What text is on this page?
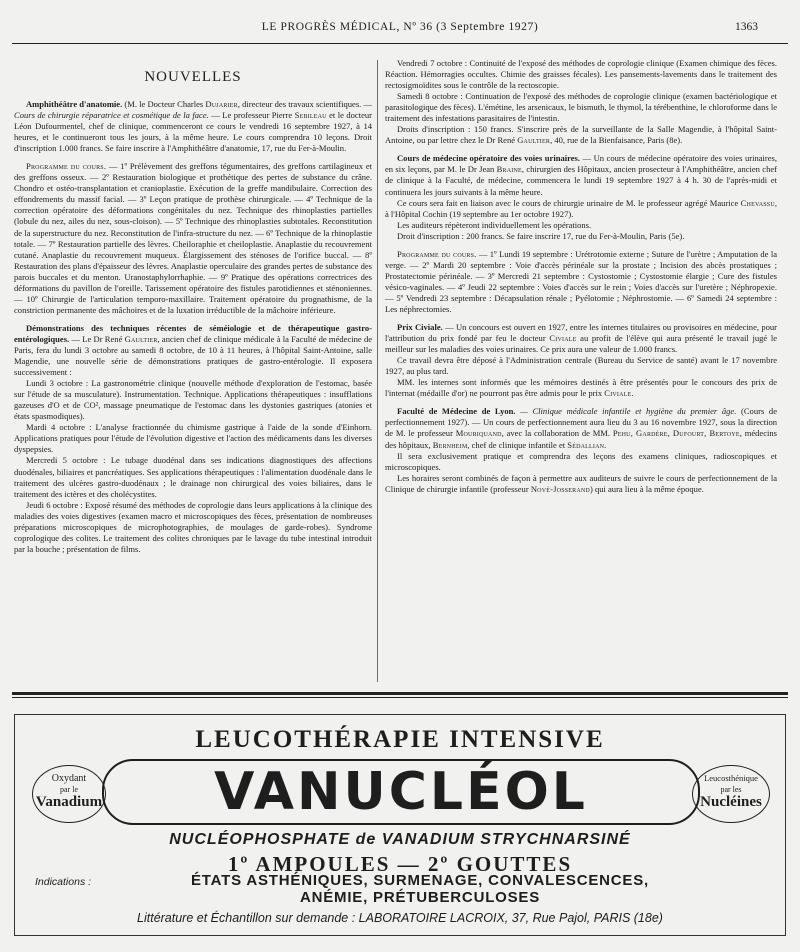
LE PROGRÈS MÉDICAL, Nº 36 (3 Septembre 1927)	1363
NOUVELLES

Amphithéâtre d'anatomie. (M. le Docteur Charles Dujarier, directeur des travaux scientifiques. — Cours de chirurgie réparatrice et cosmétique de la face. — Le professeur Pierre Sebileau et le docteur Léon Dufourmentel, chef de clinique, commenceront ce cours le vendredi 16 septembre 1927, à 14 heures, et le continueront tous les jours, à la même heure. Le cours comprendra 10 leçons. Droit d'inscription 1.000 francs. Se faire inscrire à l'Amphithéâtre d'anatomie, 17, rue du Fer-à-Moulin.

Programme du cours. — 1º Prélèvement des greffons tégumentaires, des greffons cartilagineux et des greffons osseux. — 2º Restauration biologique et prothétique des pertes de substance du crâne. Chondro et ostéo-transplantation et cranioplastie. Exécution de la greffe mandibulaire. Correction des effondrements du massif facial. — 3º Leçon pratique de prothèse chirurgicale. — 4º Technique de la correction opératoire des déformations congénitales du nez. Technique des rhinoplasties partielles (lobule du nez, ailes du nez, sous-cloison). — 5º Technique des rhinoplasties subtotales. Reconstitution de la superstructure du nez. Reconstitution de l'infra-structure du nez. — 6º Technique de la rhinoplastie totale. — 7º Restauration partielle des lèvres. Cheiloraphie et cheiloplastie. Anaplastie du recouvrement cutané. Anaplastie du recouvrement muqueux. Élargissement des sténoses de l'orifice buccal. — 8º Restauration des plans d'épaisseur des lèvres. Anaplastie operculaire des grandes pertes de substance des parois buccales et du menton. Uranostaphylorrhaphie. — 9º Pratique des opérations correctrices des déformations du pavillon de l'oreille. Tarissement opératoire des fistules parotidiennes et sténoniennes. — 10º Chirurgie de l'articulation temporo-maxillaire. Traitement opératoire du prognathisme, de la constriction permanente des mâchoires et de la luxation irréductible de la mâchoire inférieure.

Démonstrations des techniques récentes de séméiologie et de thérapeutique gastro-entérologiques. — Le Dr René Gaultier, ancien chef de clinique médicale à la Faculté de médecine de Paris, fera du lundi 3 octobre au samedi 8 octobre, de 10 à 11 heures, à l'hôpital Saint-Antoine, salle Magendie, une nouvelle série de démonstrations pratiques de gastro-entérologie. Il exposera successivement :

Lundi 3 octobre : La gastronométrie clinique (nouvelle méthode d'exploration de l'estomac, basée sur l'étude de sa musculature). Instrumentation. Technique. Applications thérapeutiques : insufflations gazeuses d'O et de CO², massage pneumatique de l'estomac dans les dystonies gastriques (atonies et états spasmodiques).

Mardi 4 octobre : L'analyse fractionnée du chimisme gastrique à l'aide de la sonde d'Einhorn. Applications pratiques pour l'étude de l'évolution digestive et l'action des médicaments dans les diverses dyspepsies.

Mercredi 5 octobre : Le tubage duodénal dans ses indications diagnostiques des affections duodénales, biliaires et pancréatiques. Ses applications thérapeutiques : l'alimentation duodénale dans le traitement des ulcères gastro-duodénaux ; le drainage non chirurgical des voies biliaires, dans le traitement des ictères et des cholécystites.

Jeudi 6 octobre : Exposé résumé des méthodes de coprologie dans leurs applications à la clinique des maladies des voies digestives (examen macro et microscopiques des fèces, présentation de nombreuses préparations microscopiques de microphotographies, de moulages de garde-robes). Syndrome coprologique des colites. Le traitement des colites chroniques par le lavage du tube intestinal introduit par la bouche ; présentation de films.

Vendredi 7 octobre : Continuité de l'exposé des méthodes de coprologie clinique (Examen chimique des fèces. Réaction. Hémorragies occultes. Chimie des graisses fécales). Les pansements-lavements dans le traitement des rectosigmoïdites sous le contrôle de la rectoscopie.

Samedi 8 octobre : Continuation de l'exposé des méthodes de coprologie clinique (examen bactériologique et parasitologique des fèces). L'émétine, les arsenicaux, le bismuth, le thymol, la térébenthine, le chloroforme dans le traitement des infestations parasitaires de l'intestin.

Droits d'inscription : 150 francs. S'inscrire près de la surveillante de la Salle Magendie, à l'hôpital Saint-Antoine, ou par lettre chez le Dr René Gaultier, 40, rue de la Bienfaisance, Paris (8e).

Cours de médecine opératoire des voies urinaires. — Un cours de médecine opératoire des voies urinaires, en six leçons, par M. le Dr Jean Braine, chirurgien des Hôpitaux, ancien prosecteur à l'Amphithéâtre, ancien chef de clinique à la Faculté, de médecine, commencera le lundi 19 septembre 1927 à 4 h. 30 de l'après-midi et continuera les jours suivants à la même heure.

Ce cours sera fait en liaison avec le cours de chirurgie urinaire de M. le professeur agrégé Maurice Chevassu, à l'Hôpital Cochin (19 septembre au 1er octobre 1927).

Les auditeurs répèteront individuellement les opérations.

Droit d'inscription : 200 francs. Se faire inscrire 17, rue du Fer-à-Moulin, Paris (5e).

Programme du cours. — 1º Lundi 19 septembre : Urétrotomie externe ; Suture de l'urètre ; Amputation de la verge. — 2º Mardi 20 septembre : Voie d'accès périnéale sur la prostate ; Incision des abcès prostatiques ; Prostatectomie périnéale. — 3º Mercredi 21 septembre : Cystostomie ; Cystostomie élargie ; Cure des fistules vésico-vaginales. — 4º Jeudi 22 septembre : Voies d'accès sur le rein ; Voies d'accès sur l'uretère ; Néphropexie. — 5º Vendredi 23 septembre : Décapsulation rénale ; Pyélotomie ; Néphrostomie. — 6º Samedi 24 septembre : Les néphrectomies.

Prix Civiale. — Un concours est ouvert en 1927, entre les internes titulaires ou provisoires en médecine, pour l'attribution du prix fondé par feu le docteur Civiale au profit de l'élève qui aura présenté le travail jugé le meilleur sur les maladies des voies urinaires. Ce prix aura une valeur de 1.000 francs.

Ce travail devra être déposé à l'Administration centrale (Bureau du Service de santé) avant le 17 novembre 1927, au plus tard.

MM. les internes sont informés que les mémoires destinés à être présentés pour le concours des prix de l'internat (médaille d'or) ne pourront pas être admis pour le prix Civiale.

Faculté de Médecine de Lyon. — Clinique médicale infantile et hygiène du premier âge. (Cours de perfectionnement 1927). — Un cours de perfectionnement aura lieu du 3 au 16 novembre 1927, sous la direction de M. le professeur Mouriquand, avec la collaboration de MM. Pehu, Gardère, Dufourt, Bertoye, médecins des hôpitaux, Bernheim, chef de clinique infantile et Sédallian.

Il sera exclusivement pratique et comprendra des leçons des examens cliniques, radioscopiques et microscopiques.

Les horaires seront combinés de façon à permettre aux auditeurs de suivre le cours de perfectionnement de la Clinique de chirurgie infantile (professeur Novè-Josserand) qui aura lieu à la même époque.

LEUCOTHÉRAPIE INTENSIVE
Oxydant
par le
Vanadium VANUCLÉOL	Leucosthénique
par les
Nucléines
NUCLÉOPHOSPHATE de VANADIUM STRYCHNARSINÉ
1º AMPOULES — 2º GOUTTES
Indications :	ÉTATS ASTHÉNIQUES, SURMENAGE, CONVALESCENCES,
ANÉMIE, PRÉTUBERCULOSES
Littérature et Échantillon sur demande : LABORATOIRE LACROIX, 37, Rue Pajol, PARIS (18e)
